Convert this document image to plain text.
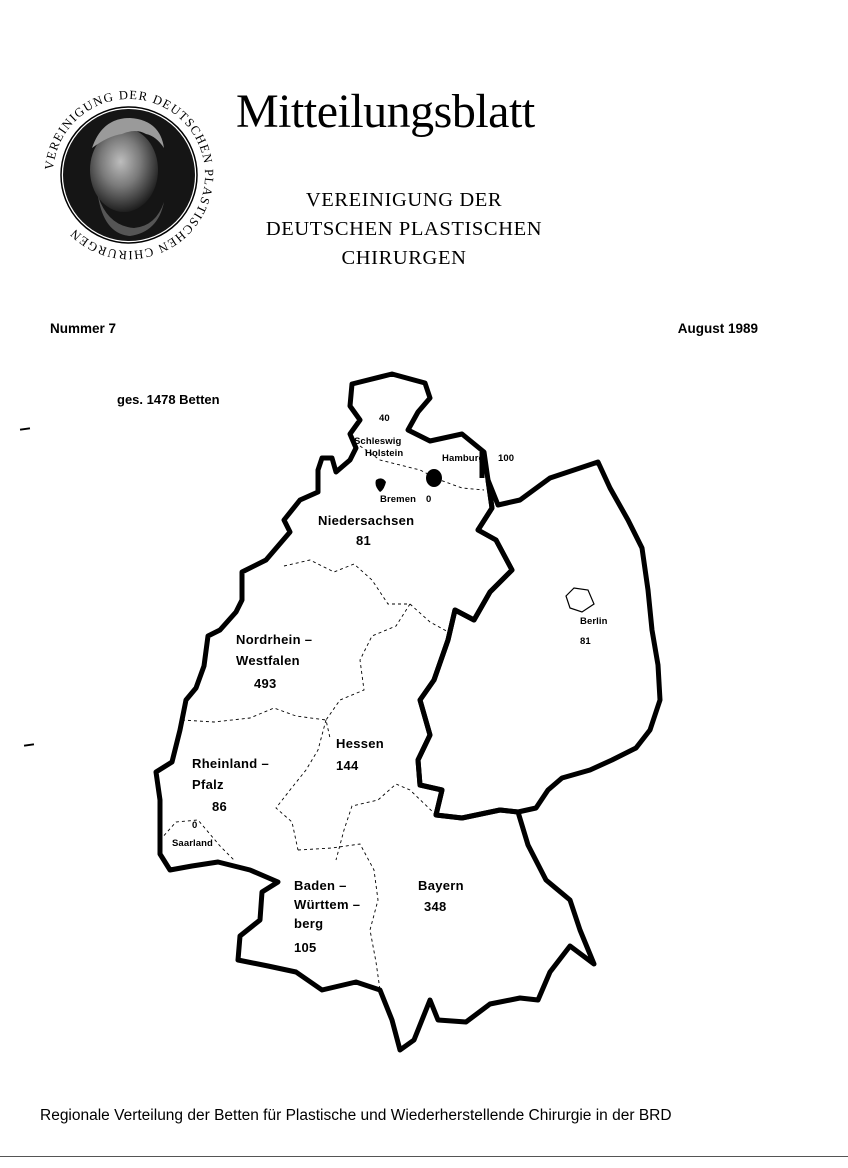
VEREINIGUNG DER DEUTSCHEN PLASTISCHEN CHIRURGEN
Mitteilungsblatt
VEREINIGUNG DER
DEUTSCHEN PLASTISCHEN
CHIRURGEN
Nummer 7	August 1989
ges. 1478 Betten
40
Schleswig
Holstein	Hamburg 100
Bremen 0
Niedersachsen
81
Berlin
81
Nordrhein –
Westfalen
493
Hessen
144
Rheinland –
Pfalz
86
0
Saarland
Baden –
Württem –
berg
105
Bayern
348
Regionale Verteilung der Betten für Plastische und Wiederherstellende Chirurgie in der BRD
